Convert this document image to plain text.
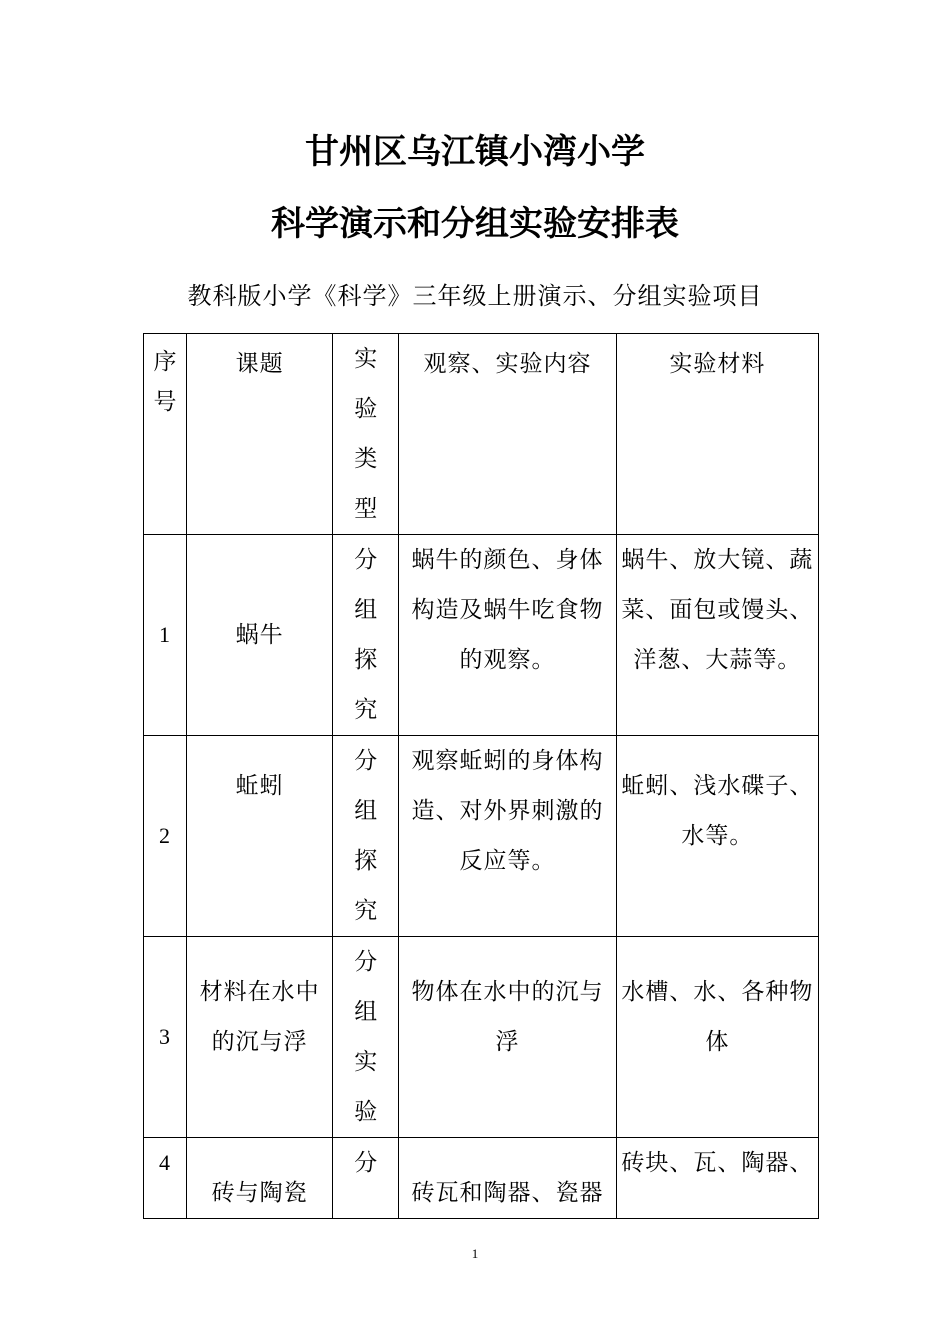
甘州区乌江镇小湾小学
科学演示和分组实验安排表
教科版小学《科学》三年级上册演示、分组实验项目
序号	课题	实验类型	观察、实验内容	实验材料

1	蜗牛	分组探究	蜗牛的颜色、身体构造及蜗牛吃食物的观察。	蜗牛、放大镜、蔬菜、面包或馒头、洋葱、大蒜等。

2	蚯蚓	分组探究	观察蚯蚓的身体构造、对外界刺激的反应等。	蚯蚓、浅水碟子、水等。

3	材料在水中的沉与浮	分组实验	物体在水中的沉与浮	水槽、水、各种物体

4	砖与陶瓷	分	砖瓦和陶器、瓷器	砖块、瓦、陶器、
1
